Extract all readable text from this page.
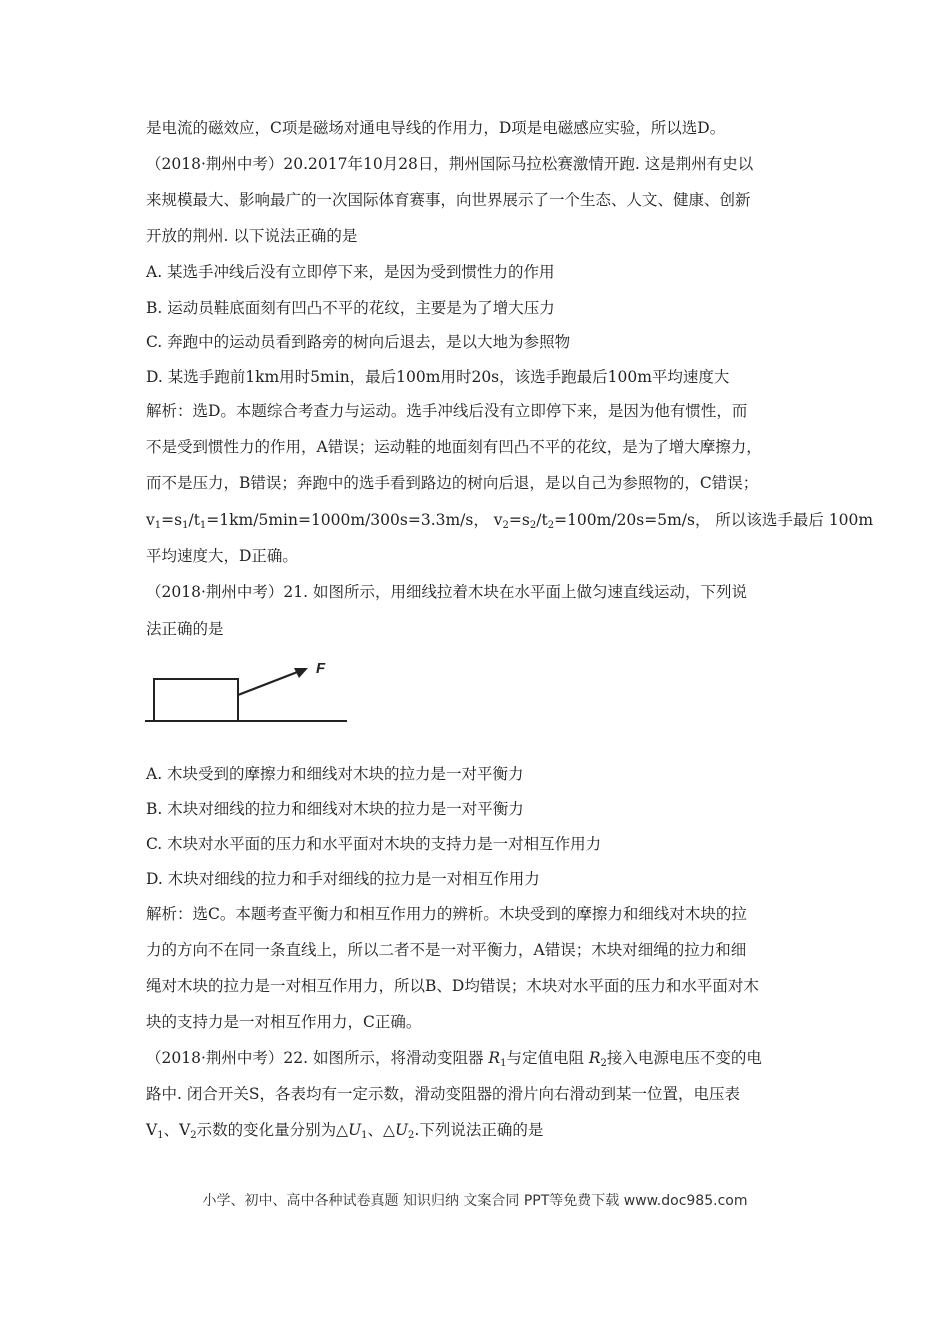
是电流的磁效应，C项是磁场对通电导线的作用力，D项是电磁感应实验，所以选D。
（2018·荆州中考）20.2017年10月28日，荆州国际马拉松赛激情开跑. 这是荆州有史以
来规模最大、影响最广的一次国际体育赛事，向世界展示了一个生态、人文、健康、创新
开放的荆州. 以下说法正确的是
A. 某选手冲线后没有立即停下来，是因为受到惯性力的作用
B. 运动员鞋底面刻有凹凸不平的花纹，主要是为了增大压力
C. 奔跑中的运动员看到路旁的树向后退去，是以大地为参照物
D. 某选手跑前1km用时5min，最后100m用时20s，该选手跑最后100m平均速度大
解析：选D。本题综合考查力与运动。选手冲线后没有立即停下来，是因为他有惯性，而
不是受到惯性力的作用，A错误；运动鞋的地面刻有凹凸不平的花纹，是为了增大摩擦力，
而不是压力，B错误；奔跑中的选手看到路边的树向后退，是以自己为参照物的，C错误；
$v_1=s_1/t_1=1km/5\min=1000m/300s=3.3m/s$， $v_2=s_2/t_2=100m/20s=5m/s$， 所以该选手最后 100m
平均速度大，D正确。
（2018·荆州中考）21. 如图所示，用细线拉着木块在水平面上做匀速直线运动，下列说
法正确的是
F
A. 木块受到的摩擦力和细线对木块的拉力是一对平衡力
B. 木块对细线的拉力和细线对木块的拉力是一对平衡力
C. 木块对水平面的压力和水平面对木块的支持力是一对相互作用力
D. 木块对细线的拉力和手对细线的拉力是一对相互作用力
解析：选C。本题考查平衡力和相互作用力的辨析。木块受到的摩擦力和细线对木块的拉
力的方向不在同一条直线上，所以二者不是一对平衡力，A错误；木块对细绳的拉力和细
绳对木块的拉力是一对相互作用力，所以B、D均错误；木块对水平面的压力和水平面对木
块的支持力是一对相互作用力，C正确。
（2018·荆州中考）22. 如图所示，将滑动变阻器 $R_1$与定值电阻 $R_2$接入电源电压不变的电
路中. 闭合开关S，各表均有一定示数，滑动变阻器的滑片向右滑动到某一位置，电压表
$V_1$、$V_2$示数的变化量分别为$\triangle U_1$、$\triangle U_2$.下列说法正确的是
小学、初中、高中各种试卷真题 知识归纳 文案合同 PPT等免费下载 www.doc985.com
